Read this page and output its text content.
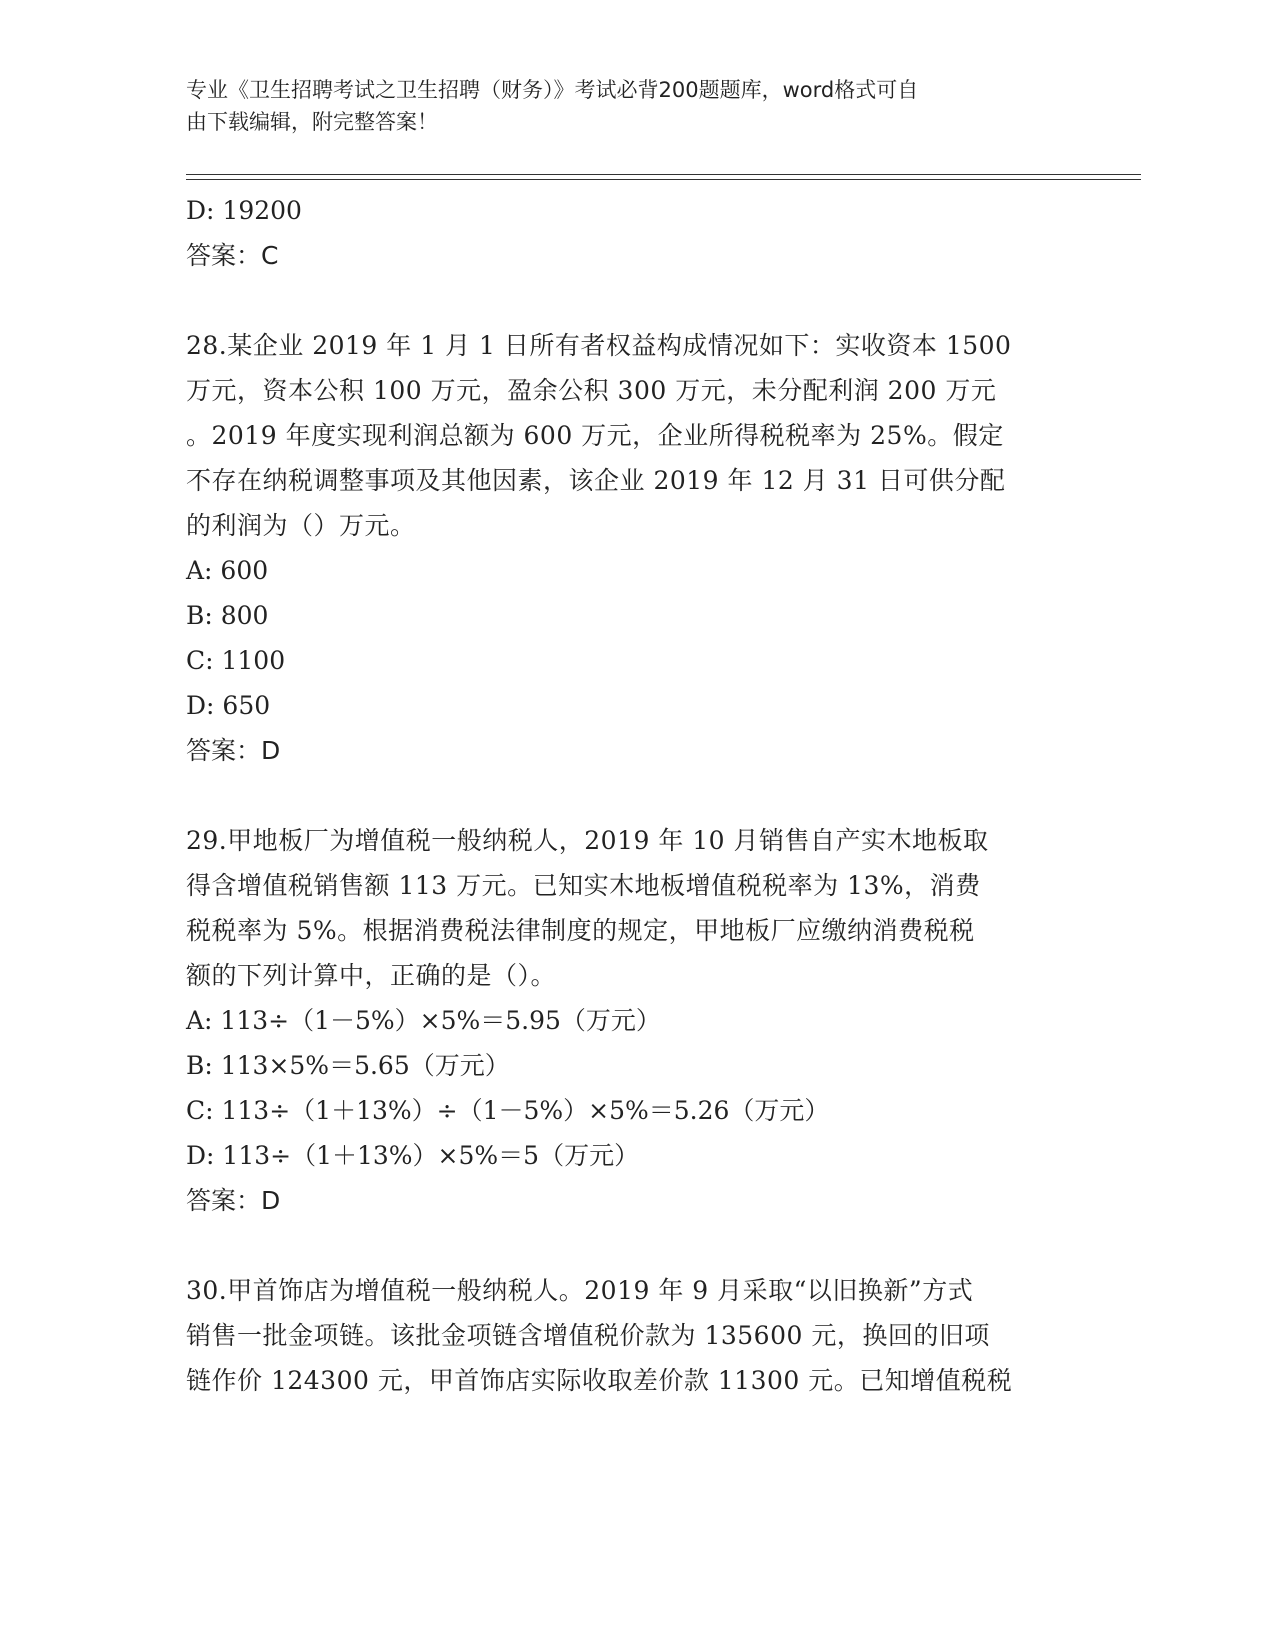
专业《卫生招聘考试之卫生招聘（财务）》考试必背200题题库，word格式可自
由下载编辑，附完整答案！

D: 19200

答案：C

28.某企业 2019 年 1 月 1 日所有者权益构成情况如下：实收资本 1500

万元，资本公积 100 万元，盈余公积 300 万元，未分配利润 200 万元

。2019 年度实现利润总额为 600 万元，企业所得税税率为 25%。假定

不存在纳税调整事项及其他因素，该企业 2019 年 12 月 31 日可供分配

的利润为（）万元。

A: 600

B: 800

C: 1100

D: 650

答案：D

29.甲地板厂为增值税一般纳税人，2019 年 10 月销售自产实木地板取

得含增值税销售额 113 万元。已知实木地板增值税税率为 13%，消费

税税率为 5%。根据消费税法律制度的规定，甲地板厂应缴纳消费税税

额的下列计算中，正确的是（）。

A: 113÷（1－5%）×5%＝5.95（万元）

B: 113×5%＝5.65（万元）

C: 113÷（1＋13%）÷（1－5%）×5%＝5.26（万元）

D: 113÷（1＋13%）×5%＝5（万元）

答案：D

30.甲首饰店为增值税一般纳税人。2019 年 9 月采取“以旧换新”方式

销售一批金项链。该批金项链含增值税价款为 135600 元，换回的旧项

链作价 124300 元，甲首饰店实际收取差价款 11300 元。已知增值税税
